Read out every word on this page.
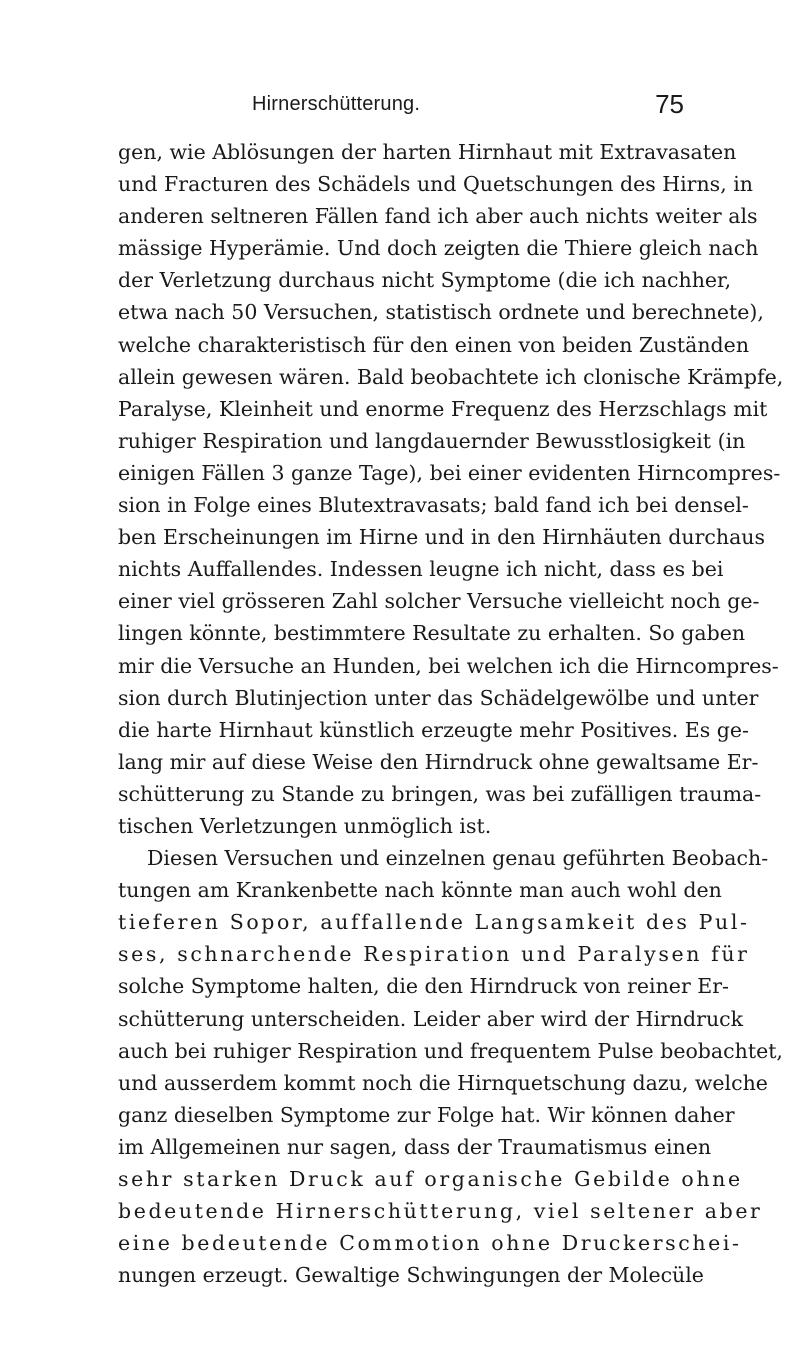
Hirnerschütterung.	75
gen, wie Ablösungen der harten Hirnhaut mit Extravasaten
und Fracturen des Schädels und Quetschungen des Hirns, in
anderen seltneren Fällen fand ich aber auch nichts weiter als
mässige Hyperämie. Und doch zeigten die Thiere gleich nach
der Verletzung durchaus nicht Symptome (die ich nachher,
etwa nach 50 Versuchen, statistisch ordnete und berechnete),
welche charakteristisch für den einen von beiden Zuständen
allein gewesen wären. Bald beobachtete ich clonische Krämpfe,
Paralyse, Kleinheit und enorme Frequenz des Herzschlags mit
ruhiger Respiration und langdauernder Bewusstlosigkeit (in
einigen Fällen 3 ganze Tage), bei einer evidenten Hirncompres-
sion in Folge eines Blutextravasats; bald fand ich bei densel-
ben Erscheinungen im Hirne und in den Hirnhäuten durchaus
nichts Auffallendes. Indessen leugne ich nicht, dass es bei
einer viel grösseren Zahl solcher Versuche vielleicht noch ge-
lingen könnte, bestimmtere Resultate zu erhalten. So gaben
mir die Versuche an Hunden, bei welchen ich die Hirncompres-
sion durch Blutinjection unter das Schädelgewölbe und unter
die harte Hirnhaut künstlich erzeugte mehr Positives. Es ge-
lang mir auf diese Weise den Hirndruck ohne gewaltsame Er-
schütterung zu Stande zu bringen, was bei zufälligen trauma-
tischen Verletzungen unmöglich ist.
Diesen Versuchen und einzelnen genau geführten Beobach-
tungen am Krankenbette nach könnte man auch wohl den
tieferen Sopor, auffallende Langsamkeit des Pul-
ses, schnarchende Respiration und Paralysen für
solche Symptome halten, die den Hirndruck von reiner Er-
schütterung unterscheiden. Leider aber wird der Hirndruck
auch bei ruhiger Respiration und frequentem Pulse beobachtet,
und ausserdem kommt noch die Hirnquetschung dazu, welche
ganz dieselben Symptome zur Folge hat. Wir können daher
im Allgemeinen nur sagen, dass der Traumatismus einen
sehr starken Druck auf organische Gebilde ohne
bedeutende Hirnerschütterung, viel seltener aber
eine bedeutende Commotion ohne Druckerschei-
nungen erzeugt. Gewaltige Schwingungen der Molecüle
